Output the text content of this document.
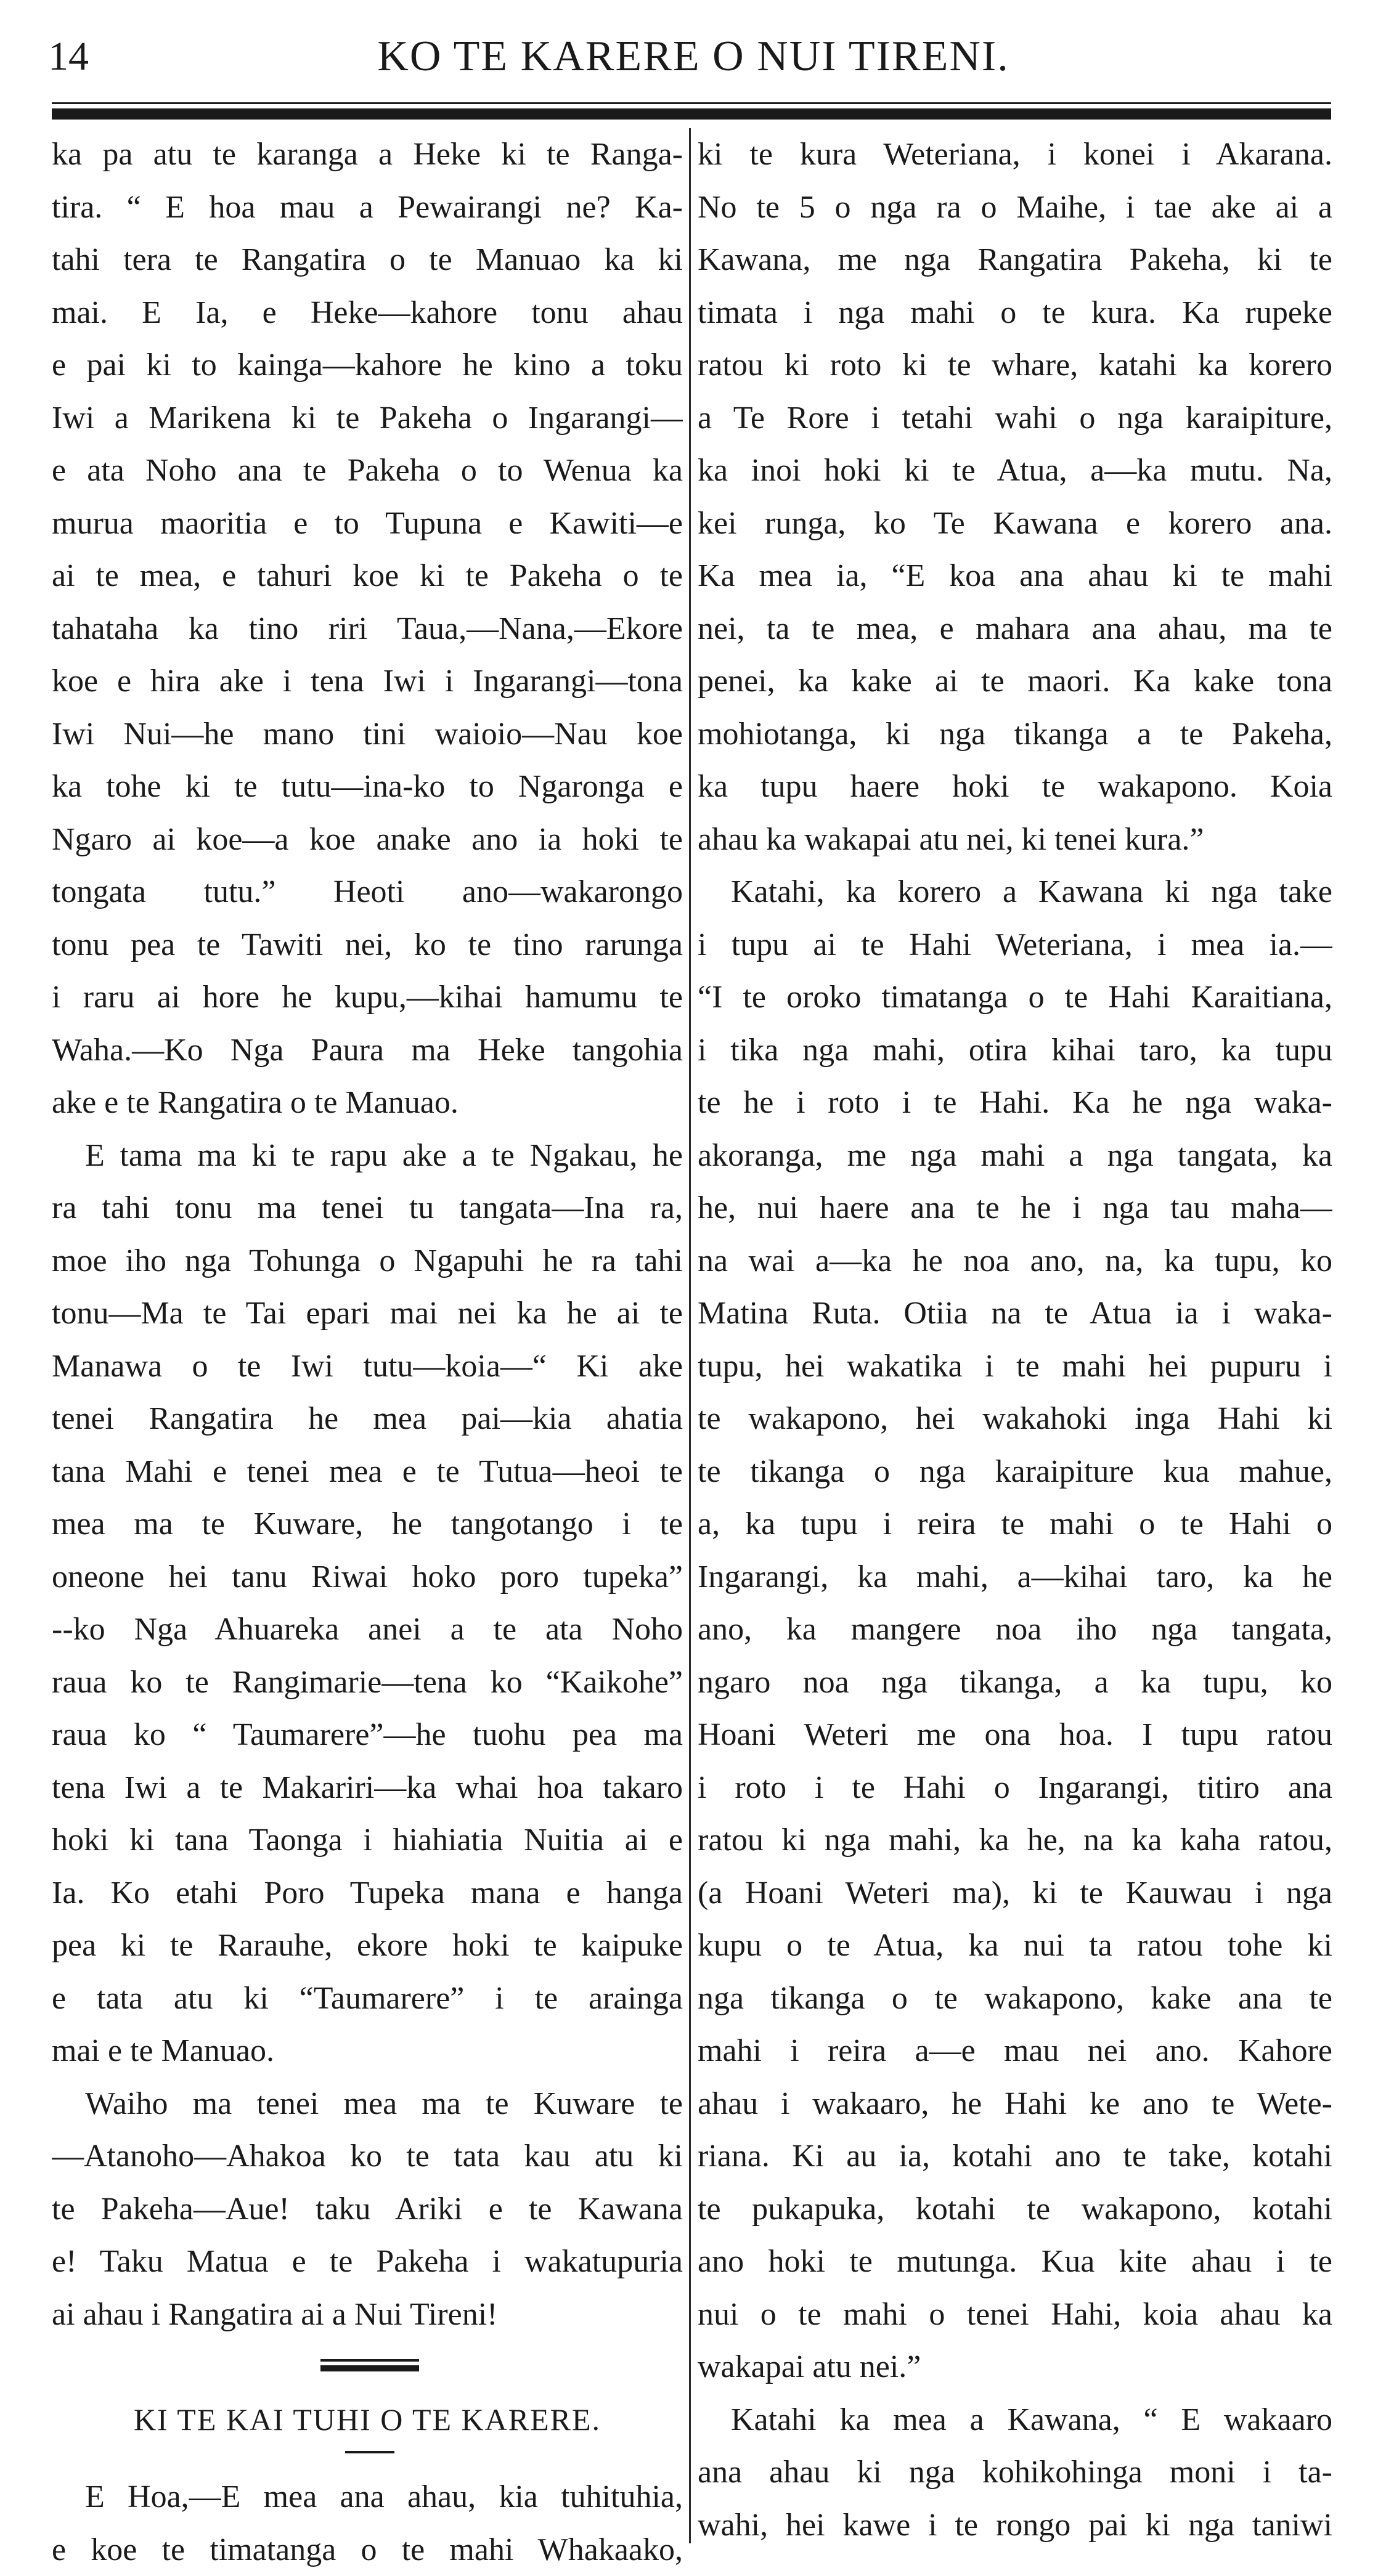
14	KO TE KARERE O NUI TIRENI.
ka pa atu te karanga a Heke ki te Ranga-
tira. “ E hoa mau a Pewairangi ne? Ka-
tahi tera te Rangatira o te Manuao ka ki
mai. E Ia, e Heke—kahore tonu ahau
e pai ki to kainga—kahore he kino a toku
Iwi a Marikena ki te Pakeha o Ingarangi—
e ata Noho ana te Pakeha o to Wenua ka
murua maoritia e to Tupuna e Kawiti—e
ai te mea, e tahuri koe ki te Pakeha o te
tahataha ka tino riri Taua,—Nana,—Ekore
koe e hira ake i tena Iwi i Ingarangi—tona
Iwi Nui—he mano tini waioio—Nau koe
ka tohe ki te tutu—ina-ko to Ngaronga e
Ngaro ai koe—a koe anake ano ia hoki te
tongata tutu.” Heoti ano—wakarongo
tonu pea te Tawiti nei, ko te tino rarunga
i raru ai hore he kupu,—kihai hamumu te
Waha.—Ko Nga Paura ma Heke tangohia
ake e te Rangatira o te Manuao.
E tama ma ki te rapu ake a te Ngakau, he
ra tahi tonu ma tenei tu tangata—Ina ra,
moe iho nga Tohunga o Ngapuhi he ra tahi
tonu—Ma te Tai epari mai nei ka he ai te
Manawa o te Iwi tutu—koia—“ Ki ake
tenei Rangatira he mea pai—kia ahatia
tana Mahi e tenei mea e te Tutua—heoi te
mea ma te Kuware, he tangotango i te
oneone hei tanu Riwai hoko poro tupeka”
--ko Nga Ahuareka anei a te ata Noho
raua ko te Rangimarie—tena ko “Kaikohe”
raua ko “ Taumarere”—he tuohu pea ma
tena Iwi a te Makariri—ka whai hoa takaro
hoki ki tana Taonga i hiahiatia Nuitia ai e
Ia. Ko etahi Poro Tupeka mana e hanga
pea ki te Rarauhe, ekore hoki te kaipuke
e tata atu ki “Taumarere” i te arainga
mai e te Manuao.
Waiho ma tenei mea ma te Kuware te
—Atanoho—Ahakoa ko te tata kau atu ki
te Pakeha—Aue! taku Ariki e te Kawana
e! Taku Matua e te Pakeha i wakatupuria
ai ahau i Rangatira ai a Nui Tireni!
KI TE KAI TUHI O TE KARERE.
E Hoa,—E mea ana ahau, kia tuhituhia,
e koe te timatanga o te mahi Whakaako,
ki te kura Weteriana, i konei i Akarana.
No te 5 o nga ra o Maihe, i tae ake ai a
Kawana, me nga Rangatira Pakeha, ki te
timata i nga mahi o te kura. Ka rupeke
ratou ki roto ki te whare, katahi ka korero
a Te Rore i tetahi wahi o nga karaipiture,
ka inoi hoki ki te Atua, a—ka mutu. Na,
kei runga, ko Te Kawana e korero ana.
Ka mea ia, “E koa ana ahau ki te mahi
nei, ta te mea, e mahara ana ahau, ma te
penei, ka kake ai te maori. Ka kake tona
mohiotanga, ki nga tikanga a te Pakeha,
ka tupu haere hoki te wakapono. Koia
ahau ka wakapai atu nei, ki tenei kura.”
Katahi, ka korero a Kawana ki nga take
i tupu ai te Hahi Weteriana, i mea ia.—
“I te oroko timatanga o te Hahi Karaitiana,
i tika nga mahi, otira kihai taro, ka tupu
te he i roto i te Hahi. Ka he nga waka-
akoranga, me nga mahi a nga tangata, ka
he, nui haere ana te he i nga tau maha—
na wai a—ka he noa ano, na, ka tupu, ko
Matina Ruta. Otiia na te Atua ia i waka-
tupu, hei wakatika i te mahi hei pupuru i
te wakapono, hei wakahoki inga Hahi ki
te tikanga o nga karaipiture kua mahue,
a, ka tupu i reira te mahi o te Hahi o
Ingarangi, ka mahi, a—kihai taro, ka he
ano, ka mangere noa iho nga tangata,
ngaro noa nga tikanga, a ka tupu, ko
Hoani Weteri me ona hoa. I tupu ratou
i roto i te Hahi o Ingarangi, titiro ana
ratou ki nga mahi, ka he, na ka kaha ratou,
(a Hoani Weteri ma), ki te Kauwau i nga
kupu o te Atua, ka nui ta ratou tohe ki
nga tikanga o te wakapono, kake ana te
mahi i reira a—e mau nei ano. Kahore
ahau i wakaaro, he Hahi ke ano te Wete-
riana. Ki au ia, kotahi ano te take, kotahi
te pukapuka, kotahi te wakapono, kotahi
ano hoki te mutunga. Kua kite ahau i te
nui o te mahi o tenei Hahi, koia ahau ka
wakapai atu nei.”
Katahi ka mea a Kawana, “ E wakaaro
ana ahau ki nga kohikohinga moni i ta-
wahi, hei kawe i te rongo pai ki nga taniwi
